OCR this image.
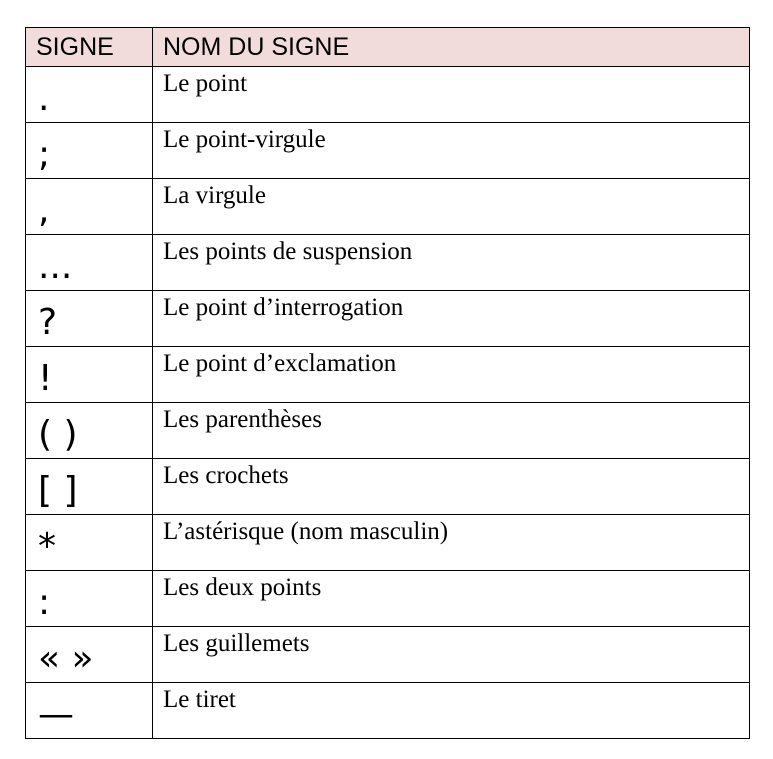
SIGNE	NOM DU SIGNE

.	Le point

;	Le point-virgule

,	La virgule

...	Les points de suspension

?	Le point d’interrogation

!	Le point d’exclamation

( )	Les parenthèses

[ ]	Les crochets

*	L’astérisque (nom masculin)

:	Les deux points

« »	Les guillemets

—	Le tiret
